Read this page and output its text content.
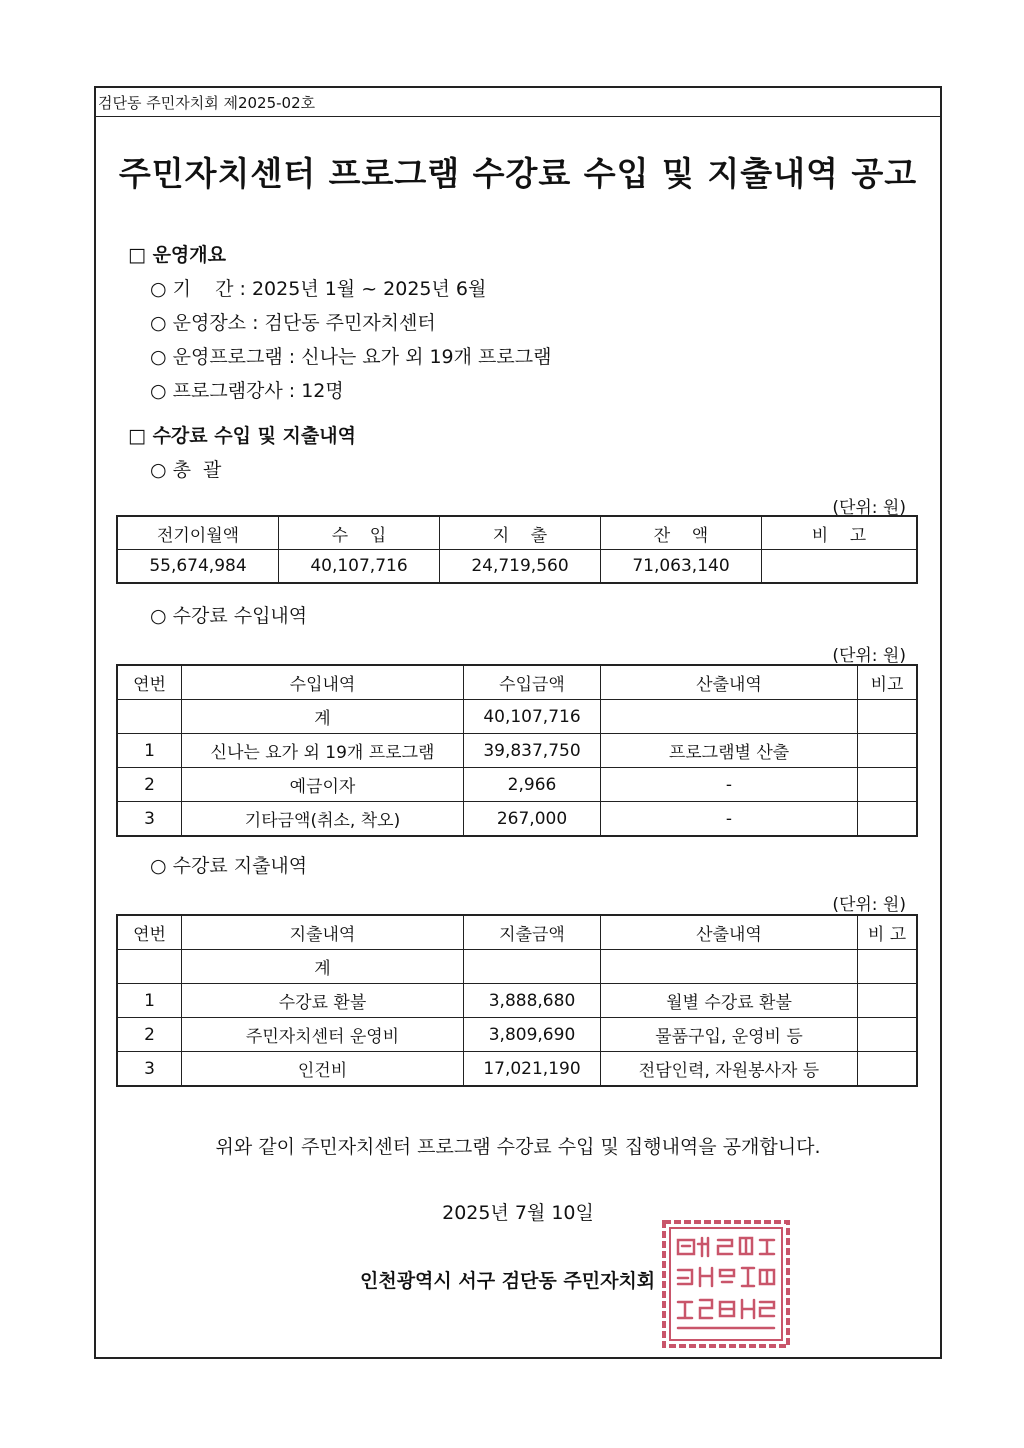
검단동 주민자치회 제2025-02호
주민자치센터 프로그램 수강료 수입 및 지출내역 공고
□ 운영개요
○ 기    간 : 2025년 1월 ~ 2025년 6월
○ 운영장소 : 검단동 주민자치센터
○ 운영프로그램 : 신나는 요가 외 19개 프로그램
○ 프로그램강사 : 12명
□ 수강료 수입 및 지출내역
○ 총  괄
(단위: 원)
전기이월액	수    입	지    출	잔    액	비    고
55,674,984	40,107,716	24,719,560	71,063,140	
○ 수강료 수입내역
(단위: 원)
연번	수입내역	수입금액	산출내역	비고
	계	40,107,716		
1	신나는 요가 외 19개 프로그램	39,837,750	프로그램별 산출	
2	예금이자	2,966	-	
3	기타금액(취소, 착오)	267,000	-	
○ 수강료 지출내역
(단위: 원)
연번	지출내역	지출금액	산출내역	비 고
	계			
1	수강료 환불	3,888,680	월별 수강료 환불	
2	주민자치센터 운영비	3,809,690	물품구입, 운영비 등	
3	인건비	17,021,190	전담인력, 자원봉사자 등	
위와 같이 주민자치센터 프로그램 수강료 수입 및 집행내역을 공개합니다.
2025년 7월 10일
인천광역시 서구 검단동 주민자치회
